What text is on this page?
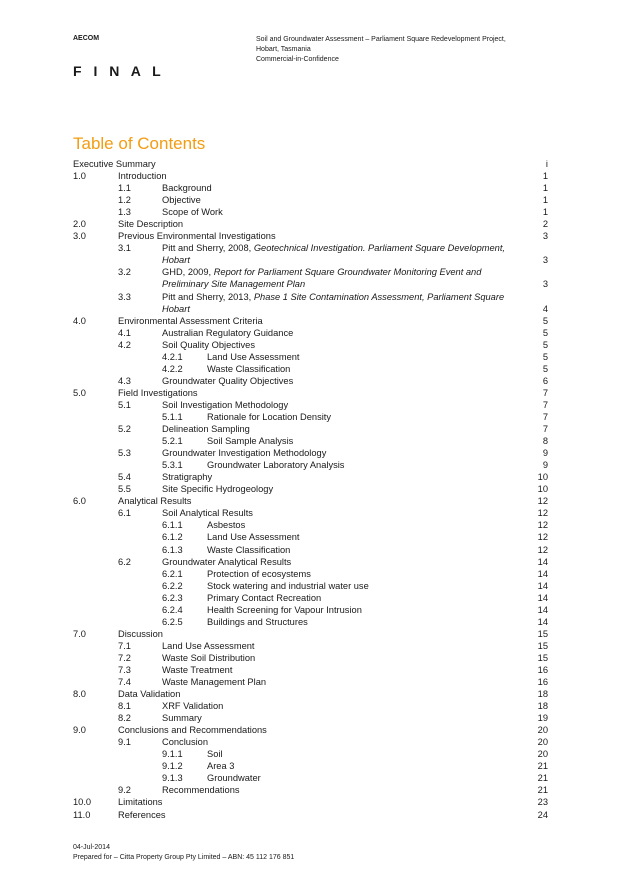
AECOM
F I N A L
Soil and Groundwater Assessment – Parliament Square Redevelopment Project,
Hobart, Tasmania
Commercial-in-Confidence
Table of Contents
Executive Summary	i
1.0	Introduction	1
1.1	Background	1
1.2	Objective	1
1.3	Scope of Work	1
2.0	Site Description	2
3.0	Previous Environmental Investigations	3
3.1	Pitt and Sherry, 2008, Geotechnical Investigation. Parliament Square Development, Hobart	3
3.2	GHD, 2009, Report for Parliament Square Groundwater Monitoring Event and Preliminary Site Management Plan	3
3.3	Pitt and Sherry, 2013, Phase 1 Site Contamination Assessment, Parliament Square Hobart	4
4.0	Environmental Assessment Criteria	5
4.1	Australian Regulatory Guidance	5
4.2	Soil Quality Objectives	5
4.2.1	Land Use Assessment	5
4.2.2	Waste Classification	5
4.3	Groundwater Quality Objectives	6
5.0	Field Investigations	7
5.1	Soil Investigation Methodology	7
5.1.1	Rationale for Location Density	7
5.2	Delineation Sampling	7
5.2.1	Soil Sample Analysis	8
5.3	Groundwater Investigation Methodology	9
5.3.1	Groundwater Laboratory Analysis	9
5.4	Stratigraphy	10
5.5	Site Specific Hydrogeology	10
6.0	Analytical Results	12
6.1	Soil Analytical Results	12
6.1.1	Asbestos	12
6.1.2	Land Use Assessment	12
6.1.3	Waste Classification	12
6.2	Groundwater Analytical Results	14
6.2.1	Protection of ecosystems	14
6.2.2	Stock watering and industrial water use	14
6.2.3	Primary Contact Recreation	14
6.2.4	Health Screening for Vapour Intrusion	14
6.2.5	Buildings and Structures	14
7.0	Discussion	15
7.1	Land Use Assessment	15
7.2	Waste Soil Distribution	15
7.3	Waste Treatment	16
7.4	Waste Management Plan	16
8.0	Data Validation	18
8.1	XRF Validation	18
8.2	Summary	19
9.0	Conclusions and Recommendations	20
9.1	Conclusion	20
9.1.1	Soil	20
9.1.2	Area 3	21
9.1.3	Groundwater	21
9.2	Recommendations	21
10.0	Limitations	23
11.0	References	24
04-Jul-2014
Prepared for – Citta Property Group Pty Limited – ABN: 45 112 176 851
